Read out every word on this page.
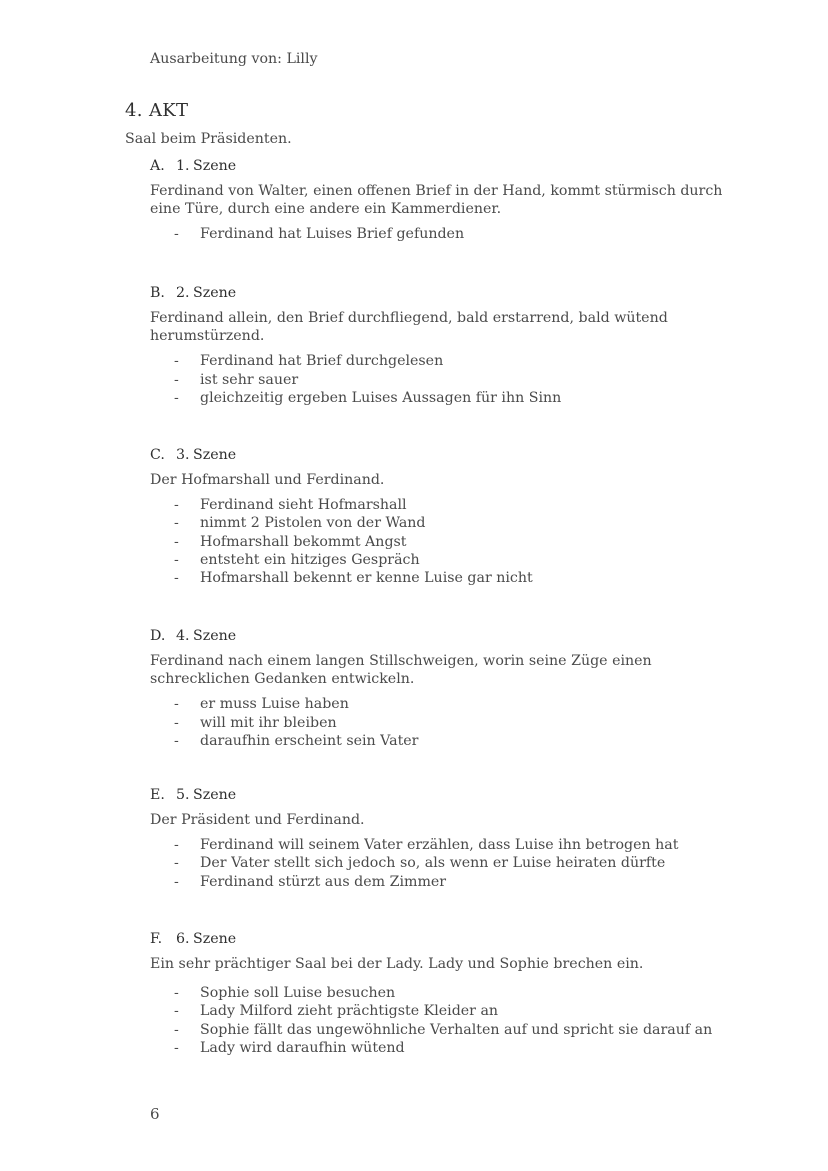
Ausarbeitung von: Lilly
4. AKT
Saal beim Präsidenten.
A. 1. Szene
Ferdinand von Walter, einen offenen Brief in der Hand, kommt stürmisch durch eine Türe, durch eine andere ein Kammerdiener.
- Ferdinand hat Luises Brief gefunden
B. 2. Szene
Ferdinand allein, den Brief durchfliegend, bald erstarrend, bald wütend herumstürzend.
- Ferdinand hat Brief durchgelesen
- ist sehr sauer
- gleichzeitig ergeben Luises Aussagen für ihn Sinn
C. 3. Szene
Der Hofmarshall und Ferdinand.
- Ferdinand sieht Hofmarshall
- nimmt 2 Pistolen von der Wand
- Hofmarshall bekommt Angst
- entsteht ein hitziges Gespräch
- Hofmarshall bekennt er kenne Luise gar nicht
D. 4. Szene
Ferdinand nach einem langen Stillschweigen, worin seine Züge einen schrecklichen Gedanken entwickeln.
- er muss Luise haben
- will mit ihr bleiben
- daraufhin erscheint sein Vater
E. 5. Szene
Der Präsident und Ferdinand.
- Ferdinand will seinem Vater erzählen, dass Luise ihn betrogen hat
- Der Vater stellt sich jedoch so, als wenn er Luise heiraten dürfte
- Ferdinand stürzt aus dem Zimmer
F. 6. Szene
Ein sehr prächtiger Saal bei der Lady. Lady und Sophie brechen ein.
- Sophie soll Luise besuchen
- Lady Milford zieht prächtigste Kleider an
- Sophie fällt das ungewöhnliche Verhalten auf und spricht sie darauf an
- Lady wird daraufhin wütend
6
